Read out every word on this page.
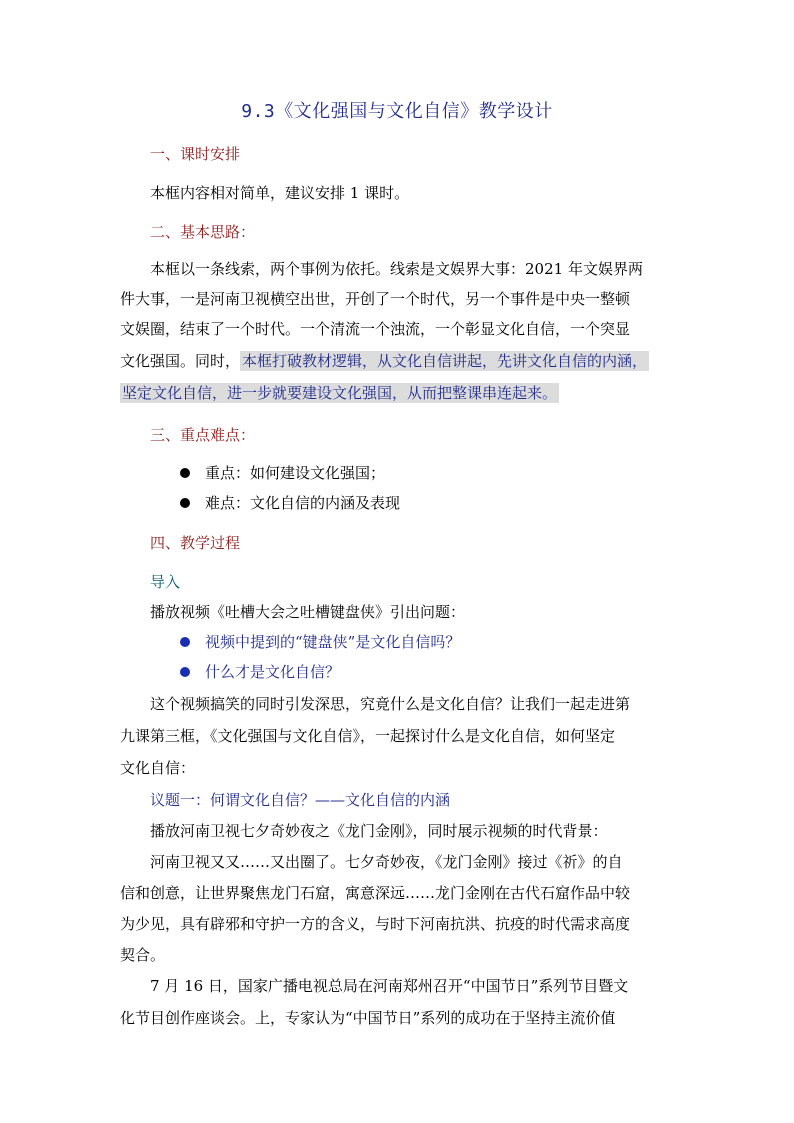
9.3《文化强国与文化自信》教学设计
一、课时安排
本框内容相对简单，建议安排 1 课时。
二、基本思路：
本框以一条线索，两个事例为依托。线索是文娱界大事：2021 年文娱界两
件大事，一是河南卫视横空出世，开创了一个时代，另一个事件是中央一整顿
文娱圈，结束了一个时代。一个清流一个浊流，一个彰显文化自信，一个突显
文化强国。同时， 本框打破教材逻辑，从文化自信讲起，先讲文化自信的内涵，
坚定文化自信，进一步就要建设文化强国，从而把整课串连起来。
三、重点难点：
重点：如何建设文化强国；
难点：文化自信的内涵及表现
四、教学过程
导入
播放视频《吐槽大会之吐槽键盘侠》引出问题：
视频中提到的“键盘侠”是文化自信吗？
什么才是文化自信？
这个视频搞笑的同时引发深思，究竟什么是文化自信？让我们一起走进第
九课第三框，《文化强国与文化自信》，一起探讨什么是文化自信，如何坚定
文化自信：
议题一：何谓文化自信？——文化自信的内涵
播放河南卫视七夕奇妙夜之《龙门金刚》，同时展示视频的时代背景：
河南卫视又又……又出圈了。七夕奇妙夜，《龙门金刚》接过《祈》的自
信和创意，让世界聚焦龙门石窟，寓意深远……龙门金刚在古代石窟作品中较
为少见，具有辟邪和守护一方的含义，与时下河南抗洪、抗疫的时代需求高度
契合。
7 月 16 日，国家广播电视总局在河南郑州召开“中国节日”系列节目暨文
化节目创作座谈会。上，专家认为“中国节日”系列的成功在于坚持主流价值
